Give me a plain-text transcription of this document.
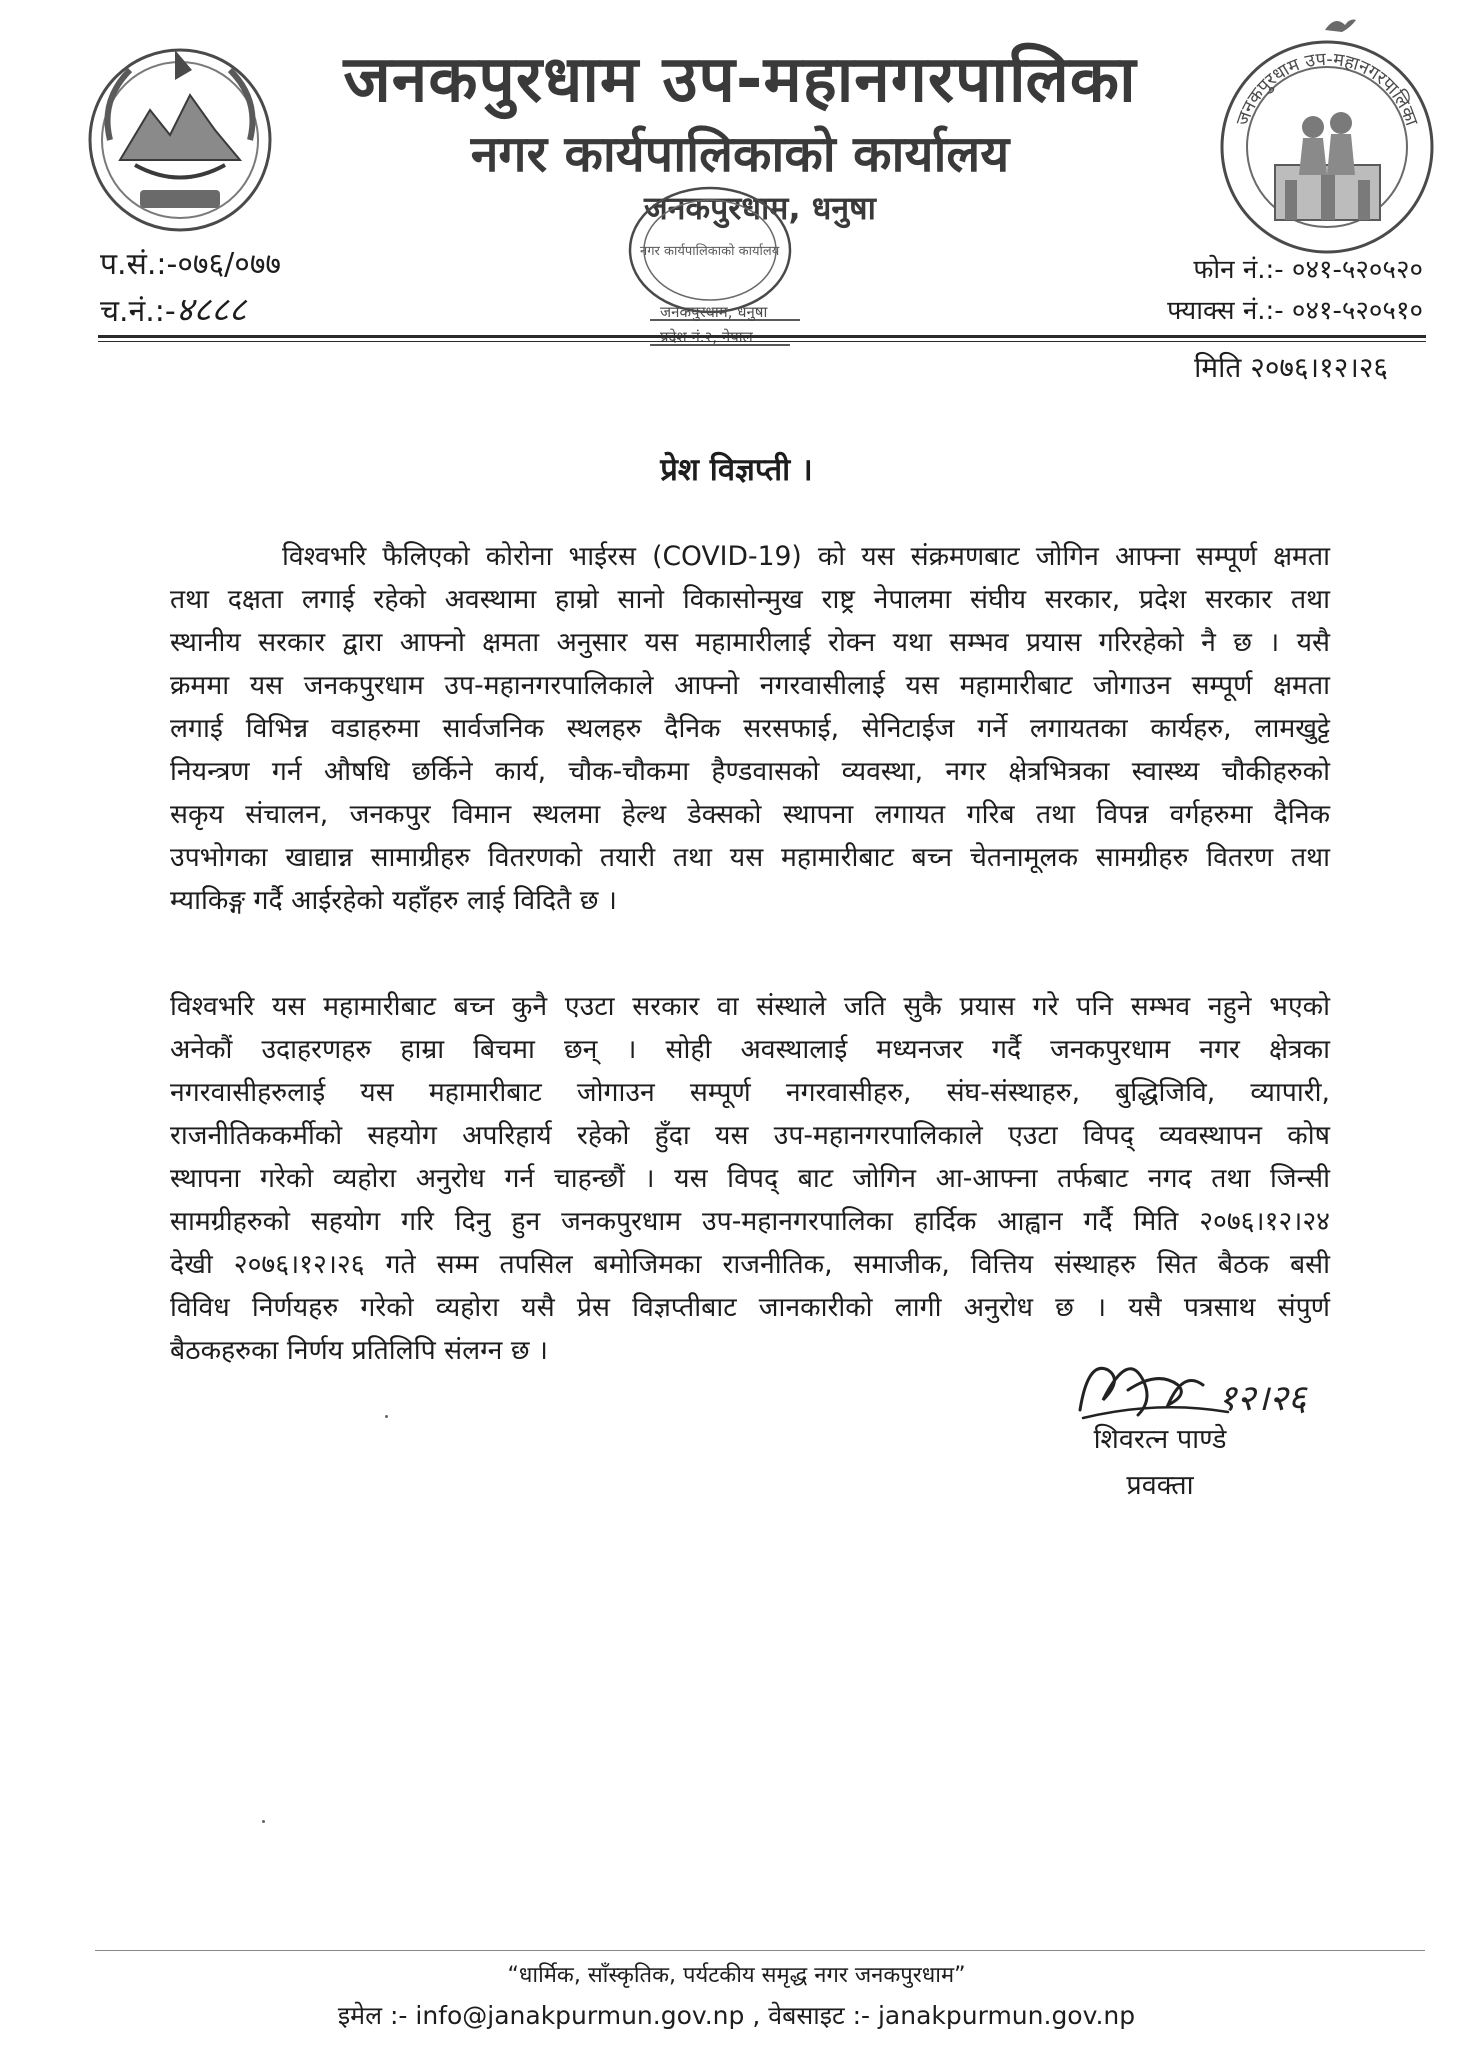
जनकपुरधाम उप-महानगरपालिका
नगर कार्यपालिकाको कार्यालय
जनकपुरधाम, धनुषा
जनकपुरधाम, धनुषा
प्रदेश नं.२, नेपाल
नगर कार्यपालिकाको कार्यालय
जनकपुरधाम उप-महानगरपालिका
प.सं.:-०७६/०७७
च.नं.:-४८८८
फोन नं.:- ०४१-५२०५२०
फ्याक्स नं.:- ०४१-५२०५१०
मिति २०७६।१२।२६
प्रेश विज्ञप्ती ।
विश्वभरि फैलिएको कोरोना भाईरस (COVID-19) को यस संक्रमणबाट जोगिन आफ्ना सम्पूर्ण क्षमता
तथा दक्षता लगाई रहेको अवस्थामा हाम्रो सानो विकासोन्मुख राष्ट्र नेपालमा संघीय सरकार, प्रदेश सरकार तथा
स्थानीय सरकार द्वारा आफ्नो क्षमता अनुसार यस महामारीलाई रोक्न यथा सम्भव प्रयास गरिरहेको नै छ । यसै
क्रममा यस जनकपुरधाम उप-महानगरपालिकाले आफ्नो नगरवासीलाई यस महामारीबाट जोगाउन सम्पूर्ण क्षमता
लगाई विभिन्न वडाहरुमा सार्वजनिक स्थलहरु दैनिक सरसफाई, सेनिटाईज गर्ने लगायतका कार्यहरु, लामखुट्टे
नियन्त्रण गर्न औषधि छर्किने कार्य, चौक-चौकमा हैण्डवासको व्यवस्था, नगर क्षेत्रभित्रका स्वास्थ्य चौकीहरुको
सकृय संचालन, जनकपुर विमान स्थलमा हेल्थ डेक्सको स्थापना लगायत गरिब तथा विपन्न वर्गहरुमा दैनिक
उपभोगका खाद्यान्न सामाग्रीहरु वितरणको तयारी तथा यस महामारीबाट बच्न चेतनामूलक सामग्रीहरु वितरण तथा
म्याकिङ्ग गर्दै आईरहेको यहाँहरु लाई विदितै छ ।
विश्वभरि यस महामारीबाट बच्न कुनै एउटा सरकार वा संस्थाले जति सुकै प्रयास गरे पनि सम्भव नहुने भएको
अनेकौं उदाहरणहरु हाम्रा बिचमा छन् । सोही अवस्थालाई मध्यनजर गर्दै जनकपुरधाम नगर क्षेत्रका
नगरवासीहरुलाई यस महामारीबाट जोगाउन सम्पूर्ण नगरवासीहरु, संघ-संस्थाहरु, बुद्धिजिवि, व्यापारी,
राजनीतिककर्मीको सहयोग अपरिहार्य रहेको हुँदा यस उप-महानगरपालिकाले एउटा विपद् व्यवस्थापन कोष
स्थापना गरेको व्यहोरा अनुरोध गर्न चाहन्छौं । यस विपद् बाट जोगिन आ-आफ्ना तर्फबाट नगद तथा जिन्सी
सामग्रीहरुको सहयोग गरि दिनु हुन जनकपुरधाम उप-महानगरपालिका हार्दिक आह्वान गर्दै मिति २०७६।१२।२४
देखी २०७६।१२।२६ गते सम्म तपसिल बमोजिमका राजनीतिक, समाजीक, वित्तिय संस्थाहरु सित बैठक बसी
विविध निर्णयहरु गरेको व्यहोरा यसै प्रेस विज्ञप्तीबाट जानकारीको लागी अनुरोध छ । यसै पत्रसाथ संपुर्ण
बैठकहरुका निर्णय प्रतिलिपि संलग्न छ ।
१२।२६
शिवरत्न पाण्डे
प्रवक्ता
“धार्मिक, साँस्कृतिक, पर्यटकीय समृद्ध नगर जनकपुरधाम”
इमेल :- info@janakpurmun.gov.np , वेबसाइट :- janakpurmun.gov.np
